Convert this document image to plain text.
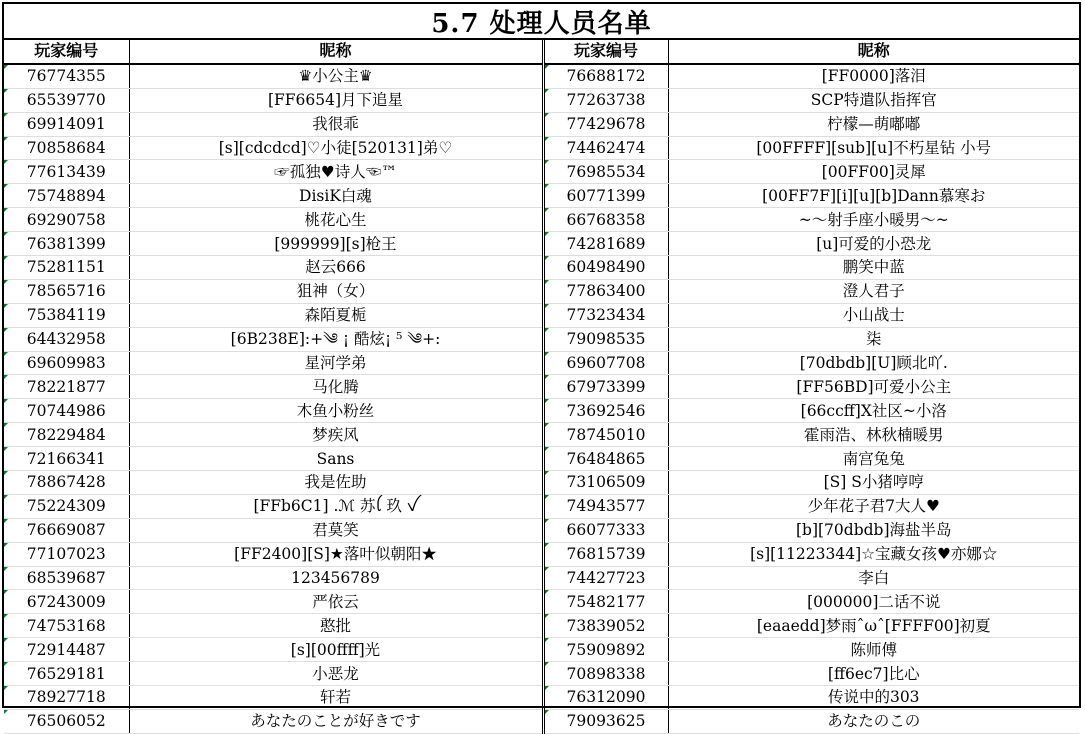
5.7 处理人员名单
玩家编号	昵称	玩家编号	昵称
76774355	♛小公主♛	76688172	[FF0000]落泪
65539770	[FF6654]月下追星	77263738	SCP特遣队指挥官
69914091	我很乖	77429678	柠檬—萌嘟嘟
70858684	[s][cdcdcd]♡小徒[520131]弟♡	74462474	[00FFFF][sub][u]不朽星钻 小号
77613439	☞孤独♥诗人☜™	76985534	[00FF00]灵犀
75748894	DisiK白魂	60771399	[00FF7F][i][u][b]Dann慕寒お
69290758	桃花心生	66768358	~～射手座小暖男～~
76381399	[999999][s]枪王	74281689	[u]可爱的小恐龙
75281151	赵云666	60498490	鹏笑中蓝
78565716	狙神（女）	77863400	澄人君子
75384119	森陌夏栀	77323434	小山战士
64432958	[6B238E]:+༄ ¡ 酷炫¡ ⁵ ༄+:	79098535	柒
69609983	星河学弟	69607708	[70dbdb][U]顾北吖.
78221877	马化腾	67973399	[FF56BD]可爱小公主
70744986	木鱼小粉丝	73692546	[66ccff]X社区~小洛
78229484	梦疾风	78745010	霍雨浩、林秋楠暖男
72166341	Sans	76484865	南宫兔兔
78867428	我是佐助	73106509	[S] S小猪哼哼
75224309	[FFb6C1] .ℳ 苏ꪶ 玖 ꪜ	74943577	少年花子君7大人♥
76669087	君莫笑	66077333	[b][70dbdb]海盐半岛
77107023	[FF2400][S]★落叶似朝阳★	76815739	[s][11223344]☆宝藏女孩♥亦娜☆
68539687	123456789	74427723	李白
67243009	严依云	75482177	[000000]二话不说
74753168	憨批	73839052	[eaaedd]梦雨ˆωˆ[FFFF00]初夏
72914487	[s][00ffff]光	75909892	陈师傅
76529181	小恶龙	70898338	[ff6ec7]比心
78927718	轩若	76312090	传说中的303
76506052	あなたのことが好きです	79093625	あなたのこの
